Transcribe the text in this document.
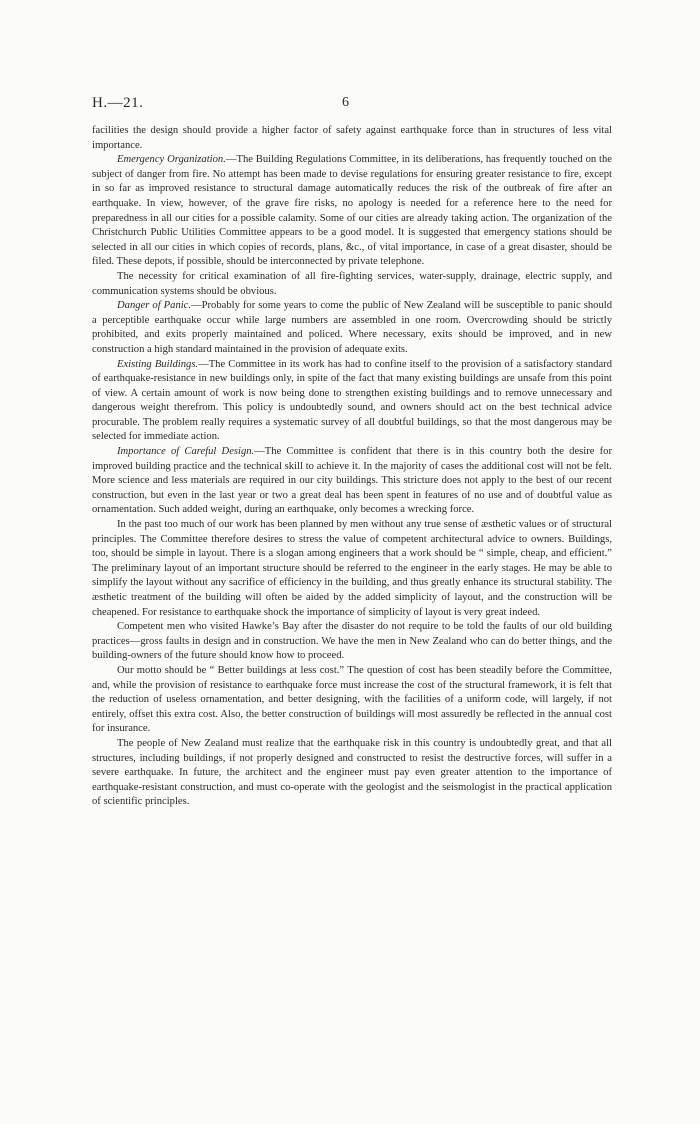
H.—21.	6

facilities the design should provide a higher factor of safety against earthquake force than in structures of less vital importance.

Emergency Organization.—The Building Regulations Committee, in its deliberations, has frequently touched on the subject of danger from fire. No attempt has been made to devise regulations for ensuring greater resistance to fire, except in so far as improved resistance to structural damage automatically reduces the risk of the outbreak of fire after an earthquake. In view, however, of the grave fire risks, no apology is needed for a reference here to the need for preparedness in all our cities for a possible calamity. Some of our cities are already taking action. The organization of the Christchurch Public Utilities Committee appears to be a good model. It is suggested that emergency stations should be selected in all our cities in which copies of records, plans, &c., of vital importance, in case of a great disaster, should be filed. These depots, if possible, should be interconnected by private telephone.

The necessity for critical examination of all fire-fighting services, water-supply, drainage, electric supply, and communication systems should be obvious.

Danger of Panic.—Probably for some years to come the public of New Zealand will be susceptible to panic should a perceptible earthquake occur while large numbers are assembled in one room. Overcrowding should be strictly prohibited, and exits properly maintained and policed. Where necessary, exits should be improved, and in new construction a high standard maintained in the provision of adequate exits.

Existing Buildings.—The Committee in its work has had to confine itself to the provision of a satisfactory standard of earthquake-resistance in new buildings only, in spite of the fact that many existing buildings are unsafe from this point of view. A certain amount of work is now being done to strengthen existing buildings and to remove unnecessary and dangerous weight therefrom. This policy is undoubtedly sound, and owners should act on the best technical advice procurable. The problem really requires a systematic survey of all doubtful buildings, so that the most dangerous may be selected for immediate action.

Importance of Careful Design.—The Committee is confident that there is in this country both the desire for improved building practice and the technical skill to achieve it. In the majority of cases the additional cost will not be felt. More science and less materials are required in our city buildings. This stricture does not apply to the best of our recent construction, but even in the last year or two a great deal has been spent in features of no use and of doubtful value as ornamentation. Such added weight, during an earthquake, only becomes a wrecking force.

In the past too much of our work has been planned by men without any true sense of æsthetic values or of structural principles. The Committee therefore desires to stress the value of competent architectural advice to owners. Buildings, too, should be simple in layout. There is a slogan among engineers that a work should be “ simple, cheap, and efficient.” The preliminary layout of an important structure should be referred to the engineer in the early stages. He may be able to simplify the layout without any sacrifice of efficiency in the building, and thus greatly enhance its structural stability. The æsthetic treatment of the building will often be aided by the added simplicity of layout, and the construction will be cheapened. For resistance to earthquake shock the importance of simplicity of layout is very great indeed.

Competent men who visited Hawke’s Bay after the disaster do not require to be told the faults of our old building practices—gross faults in design and in construction. We have the men in New Zealand who can do better things, and the building-owners of the future should know how to proceed.

Our motto should be “ Better buildings at less cost.” The question of cost has been steadily before the Committee, and, while the provision of resistance to earthquake force must increase the cost of the structural framework, it is felt that the reduction of useless ornamentation, and better designing, with the facilities of a uniform code, will largely, if not entirely, offset this extra cost. Also, the better construction of buildings will most assuredly be reflected in the annual cost for insurance.

The people of New Zealand must realize that the earthquake risk in this country is undoubtedly great, and that all structures, including buildings, if not properly designed and constructed to resist the destructive forces, will suffer in a severe earthquake. In future, the architect and the engineer must pay even greater attention to the importance of earthquake-resistant construction, and must co-operate with the geologist and the seismologist in the practical application of scientific principles.
